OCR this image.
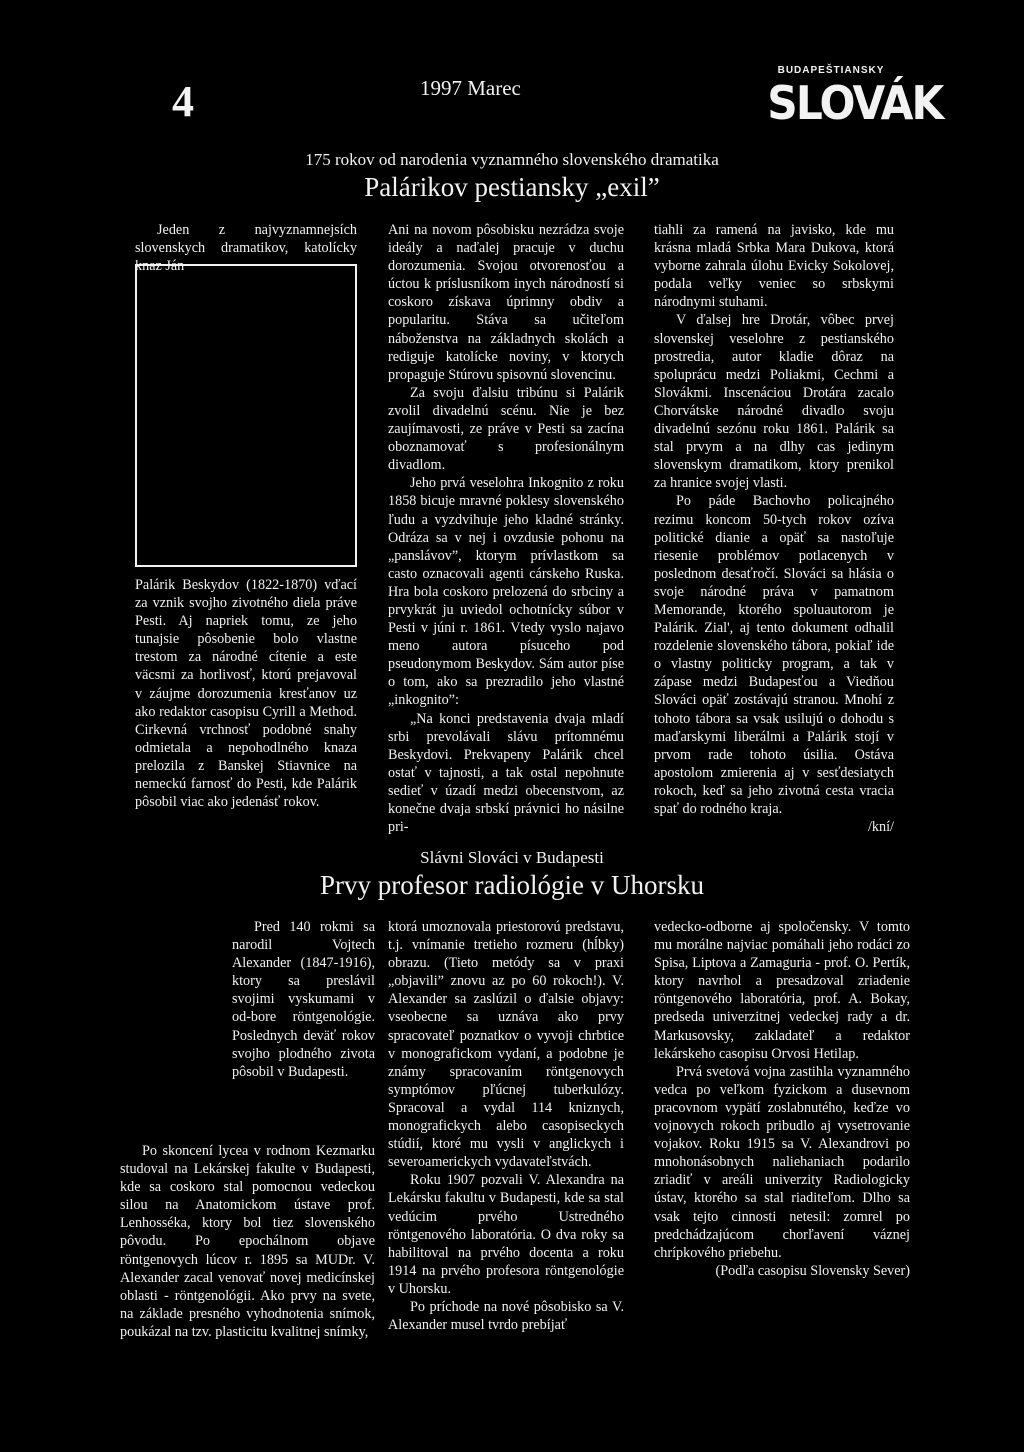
4	1997 Marec
BUDAPEŠTIANSKY
SLOVÁK
175 rokov od narodenia vyznamného slovenského dramatika
Palárikov pestiansky „exil”

Jeden z najvyznamnejsích slovenskych dramatikov, katolícky knaz Ján

Palárik Beskydov (1822-1870) vďací za vznik svojho zivotného diela práve Pesti. Aj napriek tomu, ze jeho tunajsie pôsobenie bolo vlastne trestom za národné cítenie a este väcsmi za horlivosť, ktorú prejavoval v záujme dorozumenia kresťanov uz ako redaktor casopisu Cyrill a Method. Cirkevná vrchnosť podobné snahy odmietala a nepohodlného knaza prelozila z Banskej Stiavnice na nemeckú farnosť do Pesti, kde Palárik pôsobil viac ako jedenásť rokov.

Ani na novom pôsobisku nezrádza svoje ideály a naďalej pracuje v duchu dorozumenia. Svojou otvorenosťou a úctou k príslusníkom inych národností si coskoro získava úprimny obdiv a popularitu. Stáva sa učiteľom náboženstva na základnych skolách a rediguje katolícke noviny, v ktorych propaguje Stúrovu spisovnú slovencinu.

Za svoju ďalsiu tribúnu si Palárik zvolil divadelnú scénu. Nie je bez zaujímavosti, ze práve v Pesti sa zacína oboznamovať s profesionálnym divadlom.

Jeho prvá veselohra Inkognito z roku 1858 bicuje mravné poklesy slovenského ľudu a vyzdvihuje jeho kladné stránky. Odráza sa v nej i ovzdusie pohonu na „panslávov”, ktorym prívlastkom sa casto oznacovali agenti cárskeho Ruska. Hra bola coskoro prelozená do srbciny a prvykrát ju uviedol ochotnícky súbor v Pesti v júni r. 1861. Vtedy vyslo najavo meno autora písuceho pod pseudonymom Beskydov. Sám autor píse o tom, ako sa prezradilo jeho vlastné „inkognito”:

„Na konci predstavenia dvaja mladí srbi prevolávali slávu prítomnému Beskydovi. Prekvapeny Palárik chcel ostať v tajnosti, a tak ostal nepohnute sedieť v úzadí medzi obecenstvom, az konečne dvaja srbskí právnici ho násilne pri-

tiahli za ramená na javisko, kde mu krásna mladá Srbka Mara Dukova, ktorá vyborne zahrala úlohu Evicky Sokolovej, podala veľky veniec so srbskymi národnymi stuhami.

V ďalsej hre Drotár, vôbec prvej slovenskej veselohre z pestianského prostredia, autor kladie dôraz na spoluprácu medzi Poliakmi, Cechmi a Slovákmi. Inscenáciou Drotára zacalo Chorvátske národné divadlo svoju divadelnú sezónu roku 1861. Palárik sa stal prvym a na dlhy cas jedinym slovenskym dramatikom, ktory prenikol za hranice svojej vlasti.

Po páde Bachovho policajného rezimu koncom 50-tych rokov ozíva politické dianie a opäť sa nastoľuje riesenie problémov potlacenych v poslednom desaťročí. Slováci sa hlásia o svoje národné práva v pamatnom Memorande, ktorého spoluautorom je Palárik. Zial', aj tento dokument odhalil rozdelenie slovenského tábora, pokiaľ ide o vlastny politicky program, a tak v zápase medzi Budapesťou a Viedňou Slováci opäť zostávajú stranou. Mnohí z tohoto tábora sa vsak usilujú o dohodu s maďarskymi liberálmi a Palárik stojí v prvom rade tohoto úsilia. Ostáva apostolom zmierenia aj v sesťdesiatych rokoch, keď sa jeho zivotná cesta vracia spať do rodného kraja.

/kní/
Slávni Slováci v Budapesti
Prvy profesor radiológie v Uhorsku

Pred 140 rokmi sa narodil Vojtech Alexander (1847-1916), ktory sa preslávil svojimi vyskumami v od-bore röntgenológie. Poslednych deväť rokov svojho plodného zivota pôsobil v Budapesti.

Po skoncení lycea v rodnom Kezmarku studoval na Lekárskej fakulte v Budapesti, kde sa coskoro stal pomocnou vedeckou silou na Anatomickom ústave prof. Lenhosséka, ktory bol tiez slovenského pôvodu. Po epochálnom objave röntgenovych lúcov r. 1895 sa MUDr. V. Alexander zacal venovať novej medicínskej oblasti - röntgenológii. Ako prvy na svete, na základe presného vyhodnotenia snímok, poukázal na tzv. plasticitu kvalitnej snímky,

ktorá umoznovala priestorovú predstavu, t.j. vnímanie tretieho rozmeru (hĺbky) obrazu. (Tieto metódy sa v praxi „objavili” znovu az po 60 rokoch!). V. Alexander sa zaslúzil o ďalsie objavy: vseobecne sa uznáva ako prvy spracovateľ poznatkov o vyvoji chrbtice v monografickom vydaní, a podobne je známy spracovaním röntgenovych symptómov pľúcnej tuberkulózy. Spracoval a vydal 114 kniznych, monografickych alebo casopiseckych stúdií, ktoré mu vysli v anglickych i severoamerickych vydavateľstvách.

Roku 1907 pozvali V. Alexandra na Lekársku fakultu v Budapesti, kde sa stal vedúcim prvého Ustredného röntgenového laboratória. O dva roky sa habilitoval na prvého docenta a roku 1914 na prvého profesora röntgenológie v Uhorsku.

Po príchode na nové pôsobisko sa V. Alexander musel tvrdo prebíjať

vedecko-odborne aj spoločensky. V tomto mu morálne najviac pomáhali jeho rodáci zo Spisa, Liptova a Zamaguria - prof. O. Pertík, ktory navrhol a presadzoval zriadenie röntgenového laboratória, prof. A. Bokay, predseda univerzitnej vedeckej rady a dr. Markusovsky, zakladateľ a redaktor lekárskeho casopisu Orvosi Hetilap.

Prvá svetová vojna zastihla vyznamného vedca po veľkom fyzickom a dusevnom pracovnom vypätí zoslabnutého, keďze vo vojnovych rokoch pribudlo aj vysetrovanie vojakov. Roku 1915 sa V. Alexandrovi po mnohonásobnych naliehaniach podarilo zriadiť v areáli univerzity Radiologicky ústav, ktorého sa stal riaditeľom. Dlho sa vsak tejto cinnosti netesil: zomrel po predchádzajúcom chorľavení váznej chrípkového priebehu.

(Podľa casopisu Slovensky Sever)
